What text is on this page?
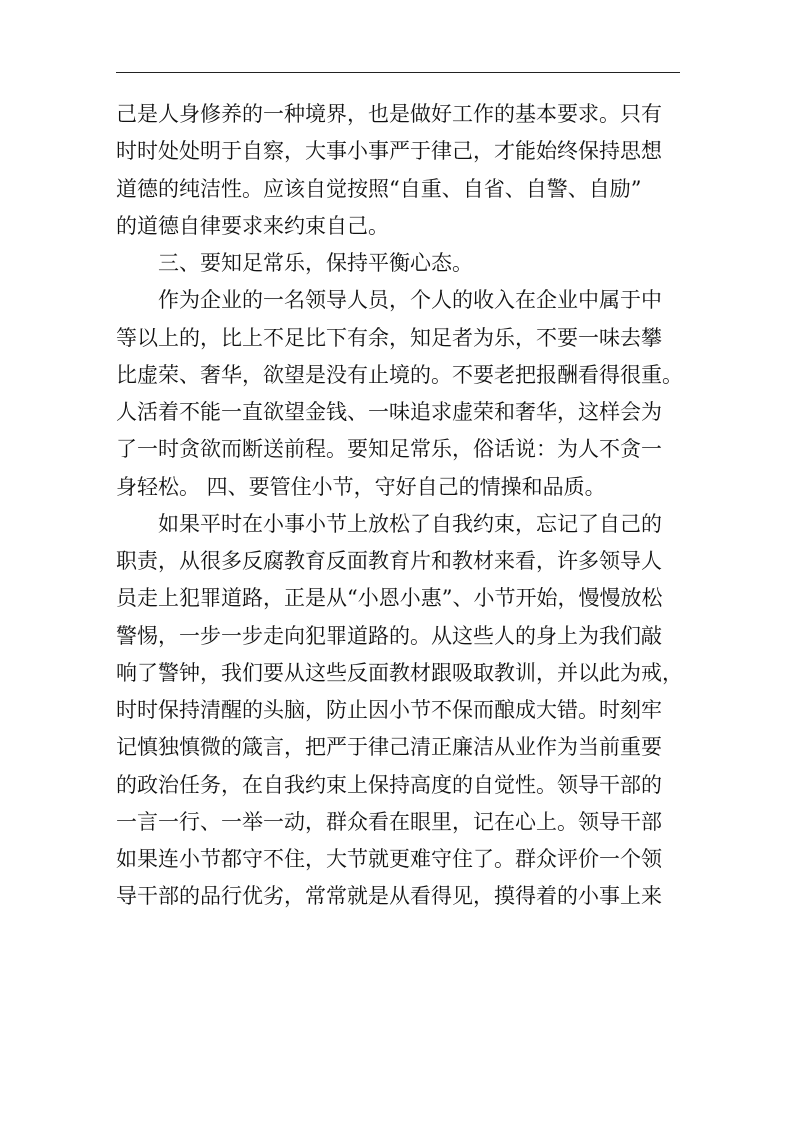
己是人身修养的一种境界，也是做好工作的基本要求。只有
时时处处明于自察，大事小事严于律己，才能始终保持思想
道德的纯洁性。应该自觉按照“自重、自省、自警、自励”
的道德自律要求来约束自己。
三、要知足常乐，保持平衡心态。
作为企业的一名领导人员，个人的收入在企业中属于中
等以上的，比上不足比下有余，知足者为乐，不要一味去攀
比虚荣、奢华，欲望是没有止境的。不要老把报酬看得很重。
人活着不能一直欲望金钱、一味追求虚荣和奢华，这样会为
了一时贪欲而断送前程。要知足常乐，俗话说：为人不贪一
身轻松。 四、要管住小节，守好自己的情操和品质。
如果平时在小事小节上放松了自我约束，忘记了自己的
职责，从很多反腐教育反面教育片和教材来看，许多领导人
员走上犯罪道路，正是从“小恩小惠”、小节开始，慢慢放松
警惕，一步一步走向犯罪道路的。从这些人的身上为我们敲
响了警钟，我们要从这些反面教材跟吸取教训，并以此为戒，
时时保持清醒的头脑，防止因小节不保而酿成大错。时刻牢
记慎独慎微的箴言，把严于律己清正廉洁从业作为当前重要
的政治任务，在自我约束上保持高度的自觉性。领导干部的
一言一行、一举一动，群众看在眼里，记在心上。领导干部
如果连小节都守不住，大节就更难守住了。群众评价一个领
导干部的品行优劣，常常就是从看得见，摸得着的小事上来
